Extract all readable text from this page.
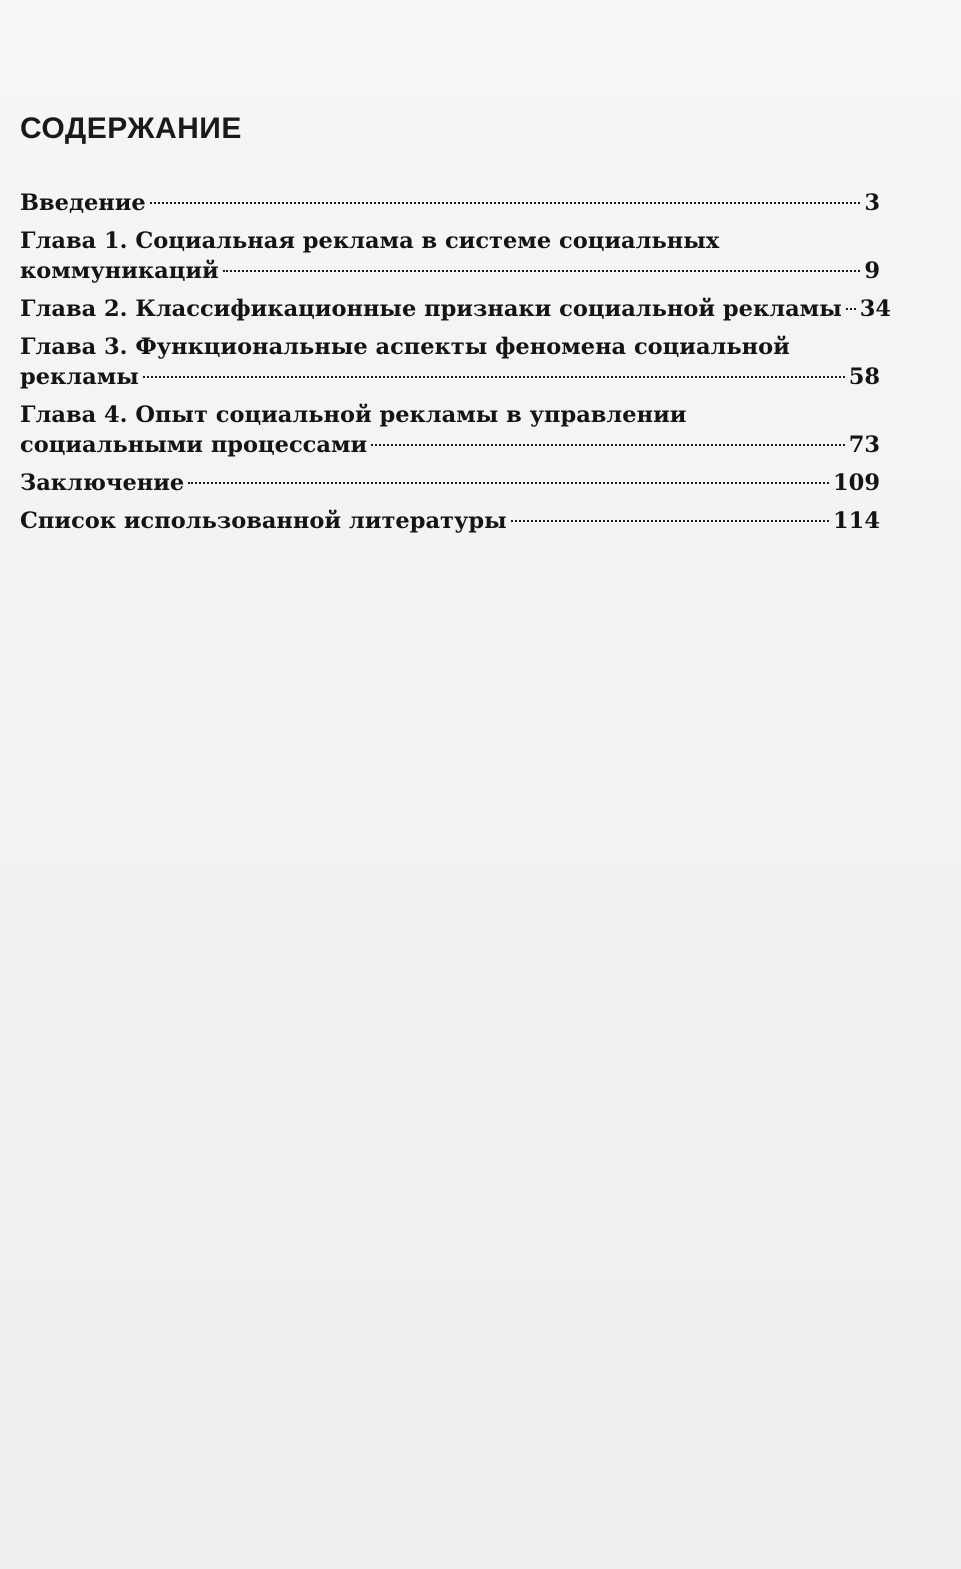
СОДЕРЖАНИЕ
Введение	3
Глава 1. Социальная реклама в системе социальных
коммуникаций	9
Глава 2. Классификационные признаки социальной рекламы 34
Глава 3. Функциональные аспекты феномена социальной
рекламы	58
Глава 4. Опыт социальной рекламы в управлении
социальными процессами	73
Заключение	109
Список использованной литературы	114
